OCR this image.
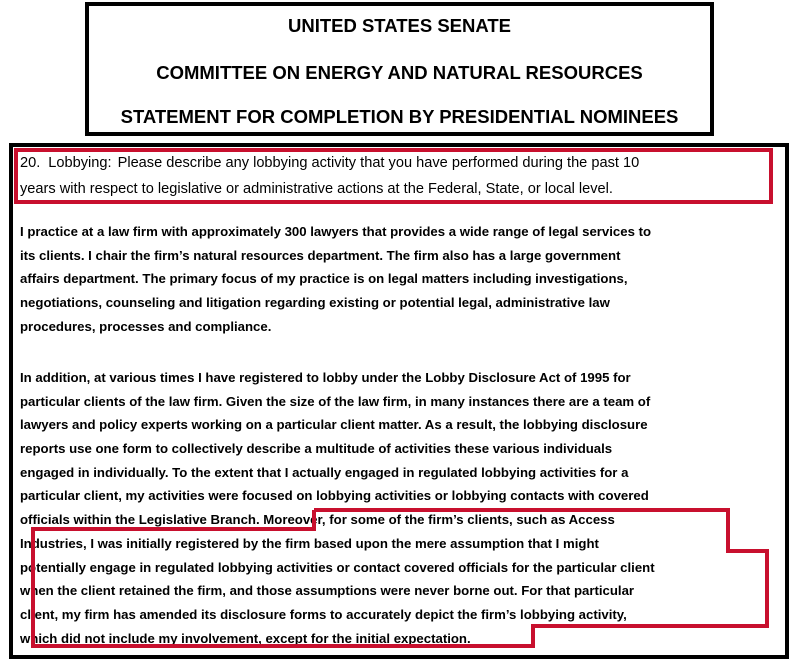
UNITED STATES SENATE
COMMITTEE ON ENERGY AND NATURAL RESOURCES
STATEMENT FOR COMPLETION BY PRESIDENTIAL NOMINEES
20. Lobbying: Please describe any lobbying activity that you have performed during the past 10
years with respect to legislative or administrative actions at the Federal, State, or local level.
I practice at a law firm with approximately 300 lawyers that provides a wide range of legal services to
its clients. I chair the firm’s natural resources department. The firm also has a large government
affairs department. The primary focus of my practice is on legal matters including investigations,
negotiations, counseling and litigation regarding existing or potential legal, administrative law
procedures, processes and compliance.
In addition, at various times I have registered to lobby under the Lobby Disclosure Act of 1995 for
particular clients of the law firm. Given the size of the law firm, in many instances there are a team of
lawyers and policy experts working on a particular client matter. As a result, the lobbying disclosure
reports use one form to collectively describe a multitude of activities these various individuals
engaged in individually. To the extent that I actually engaged in regulated lobbying activities for a
particular client, my activities were focused on lobbying activities or lobbying contacts with covered
officials within the Legislative Branch. Moreover, for some of the firm’s clients, such as Access
Industries, I was initially registered by the firm based upon the mere assumption that I might
potentially engage in regulated lobbying activities or contact covered officials for the particular client
when the client retained the firm, and those assumptions were never borne out. For that particular
client, my firm has amended its disclosure forms to accurately depict the firm’s lobbying activity,
which did not include my involvement, except for the initial expectation.
